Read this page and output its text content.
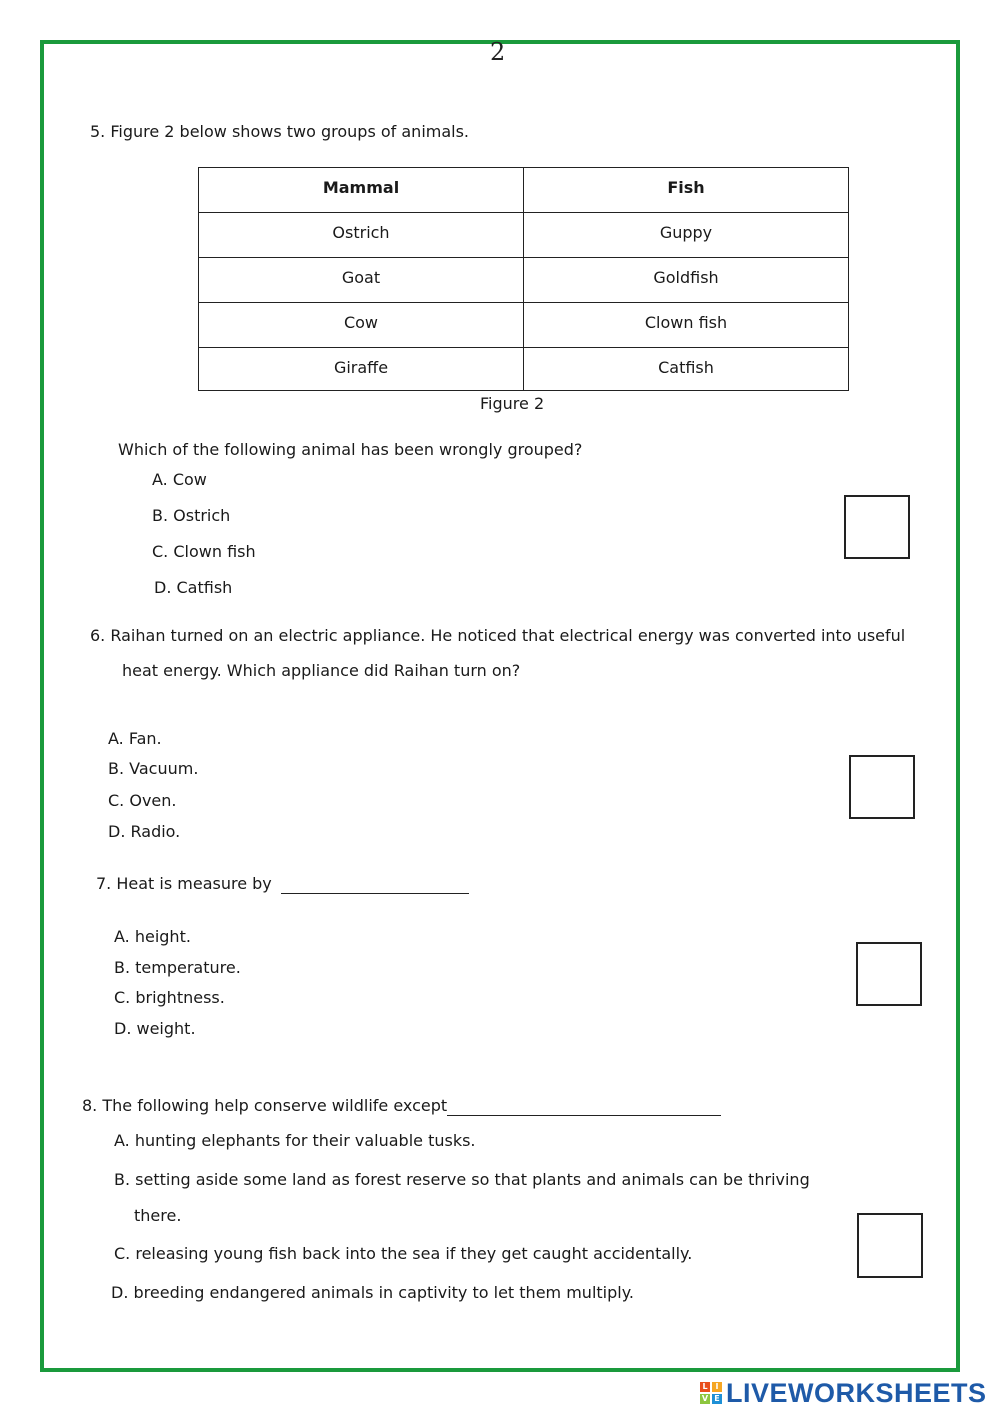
2
5. Figure 2 below shows two groups of animals.
Mammal	Fish
Ostrich	Guppy
Goat	Goldfish
Cow	Clown fish
Giraffe	Catfish
Figure 2
Which of the following animal has been wrongly grouped?
A. Cow
B. Ostrich
C. Clown fish
D. Catfish
6. Raihan turned on an electric appliance. He noticed that electrical energy was converted into useful
heat energy. Which appliance did Raihan turn on?
A. Fan.
B. Vacuum.
C. Oven.
D. Radio.
7. Heat is measure by
A. height.
B. temperature.
C. brightness.
D. weight.
8. The following help conserve wildlife except
A. hunting elephants for their valuable tusks.
B. setting aside some land as forest reserve so that plants and animals can be thriving
there.
C. releasing young fish back into the sea if they get caught accidentally.
D. breeding endangered animals in captivity to let them multiply.
L I
V E LIVEWORKSHEETS
